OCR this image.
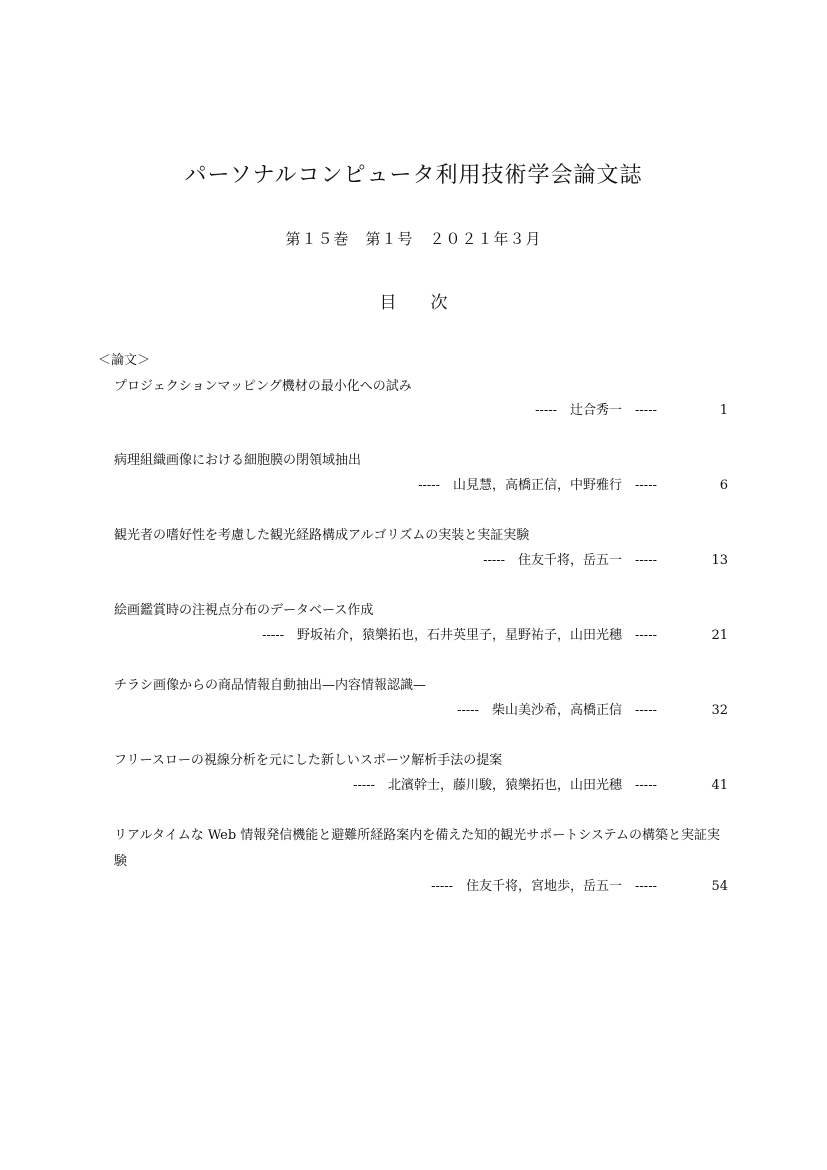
パーソナルコンピュータ利用技術学会論文誌
第１５巻　第１号　２０２１年３月
目　　次
＜論文＞
プロジェクションマッピング機材の最小化への試み
-----　辻合秀一　-----	1
病理組織画像における細胞膜の閉領域抽出
-----　山見慧，高橋正信，中野雅行　-----	6
観光者の嗜好性を考慮した観光経路構成アルゴリズムの実装と実証実験
-----　住友千将，岳五一　-----	13
絵画鑑賞時の注視点分布のデータベース作成
-----　野坂祐介，猿樂拓也，石井英里子，星野祐子，山田光穗　-----	21
チラシ画像からの商品情報自動抽出—内容情報認識—
-----　柴山美沙希，高橋正信　-----	32
フリースローの視線分析を元にした新しいスポーツ解析手法の提案
-----　北濱幹士，藤川駿，猿樂拓也，山田光穗　-----	41
リアルタイムな Web 情報発信機能と避難所経路案内を備えた知的観光サポートシステムの構築と実証実験
-----　住友千将，宮地歩，岳五一　-----	54
